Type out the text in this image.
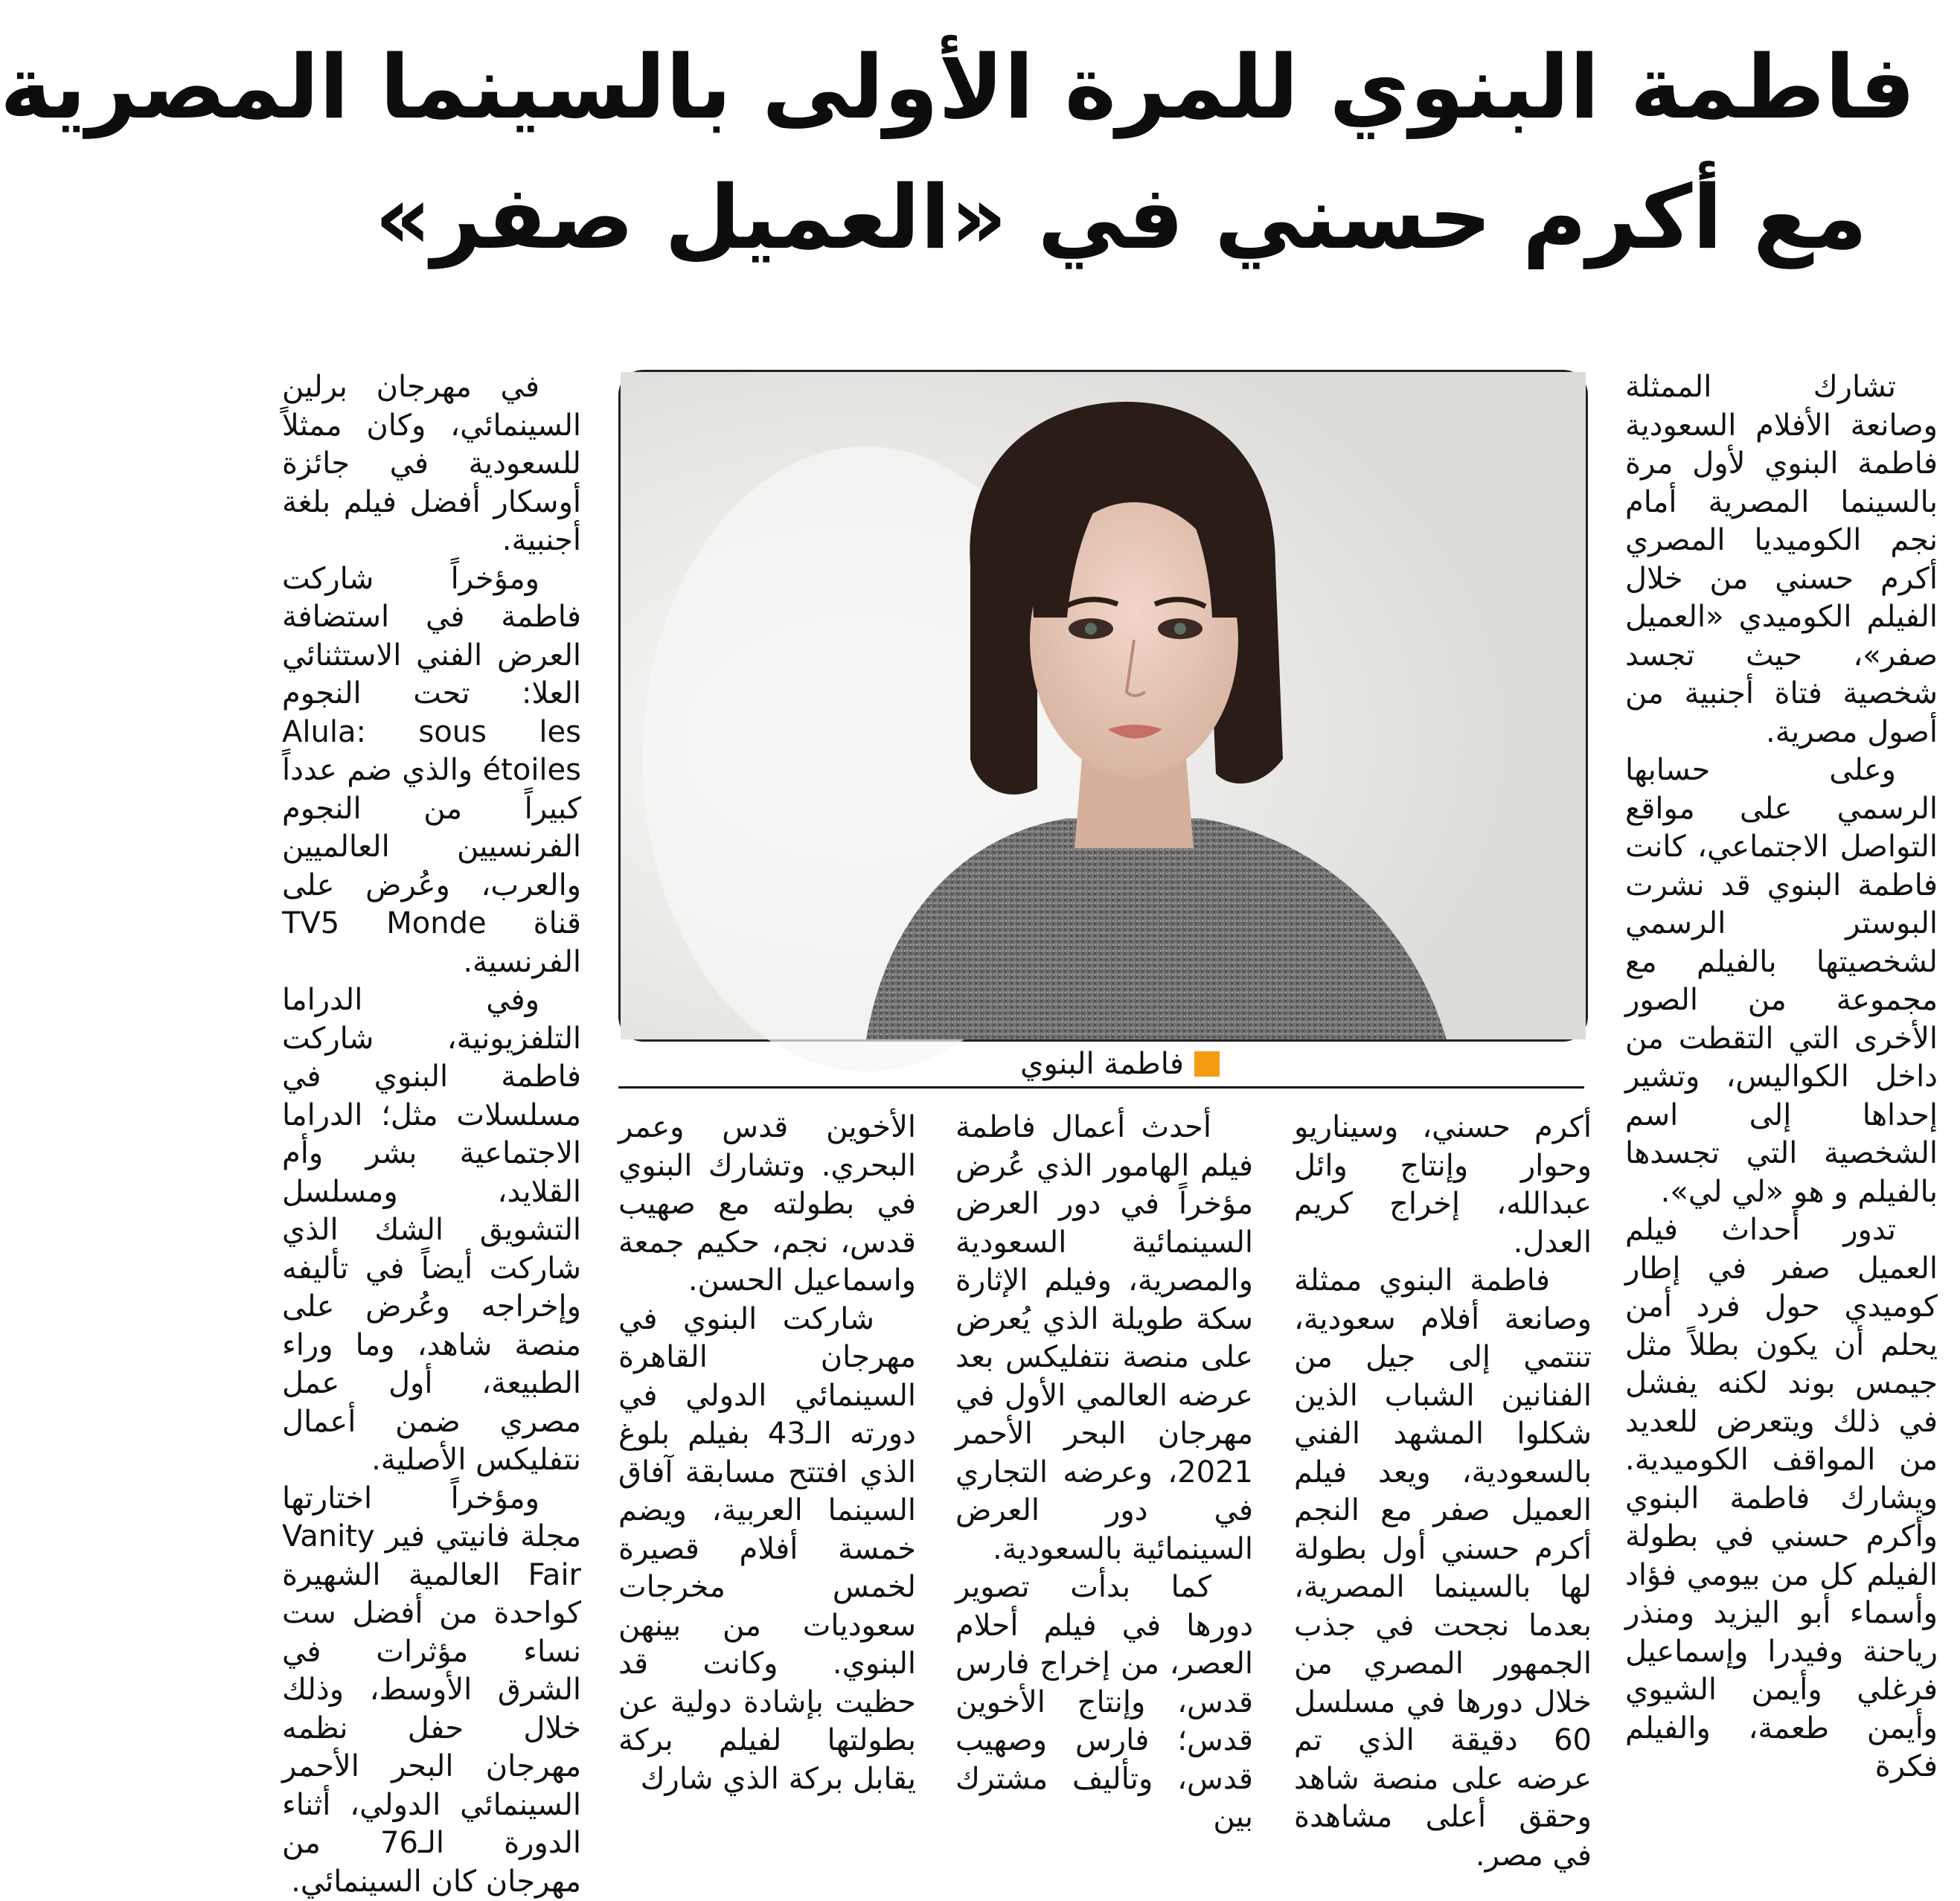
فاطمة البنوي للمرة الأولى بالسينما المصرية
مع أكرم حسني في «العميل صفر»

تشارك الممثلة وصانعة الأفلام السعودية فاطمة البنوي لأول مرة بالسينما المصرية أمام نجم الكوميديا المصري أكرم حسني من خلال الفيلم الكوميدي «العميل صفر»، حيث تجسد شخصية فتاة أجنبية من أصول مصرية.

وعلى حسابها الرسمي على مواقع التواصل الاجتماعي، كانت فاطمة البنوي قد نشرت البوستر الرسمي لشخصيتها بالفيلم مع مجموعة من الصور الأخرى التي التقطت من داخل الكواليس، وتشير إحداها إلى اسم الشخصية التي تجسدها بالفيلم و هو «لي لي».

تدور أحداث فيلم العميل صفر في إطار كوميدي حول فرد أمن يحلم أن يكون بطلاً مثل جيمس بوند لكنه يفشل في ذلك ويتعرض للعديد من المواقف الكوميدية. ويشارك فاطمة البنوي وأكرم حسني في بطولة الفيلم كل من بيومي فؤاد وأسماء أبو اليزيد ومنذر رياحنة وفيدرا وإسماعيل فرغلي وأيمن الشيوي وأيمن طعمة، والفيلم فكرة

في مهرجان برلين السينمائي، وكان ممثلاً للسعودية في جائزة أوسكار أفضل فيلم بلغة أجنبية.

ومؤخراً شاركت فاطمة في استضافة العرض الفني الاستثنائي العلا: تحت النجوم Alula: sous les étoiles والذي ضم عدداً كبيراً من النجوم الفرنسيين العالميين والعرب، وعُرض على قناة TV5 Monde الفرنسية.

وفي الدراما التلفزيونية، شاركت فاطمة البنوي في مسلسلات مثل؛ الدراما الاجتماعية بشر وأم القلايد، ومسلسل التشويق الشك الذي شاركت أيضاً في تأليفه وإخراجه وعُرض على منصة شاهد، وما وراء الطبيعة، أول عمل مصري ضمن أعمال نتفليكس الأصلية.

ومؤخراً اختارتها مجلة فانيتي فير Vanity Fair العالمية الشهيرة كواحدة من أفضل ست نساء مؤثرات في الشرق الأوسط، وذلك خلال حفل نظمه مهرجان البحر الأحمر السينمائي الدولي، أثناء الدورة الـ76 من مهرجان كان السينمائي.

فاطمة البنوي

أكرم حسني، وسيناريو وحوار وإنتاج وائل عبدالله، إخراج كريم العدل.

فاطمة البنوي ممثلة وصانعة أفلام سعودية، تنتمي إلى جيل من الفنانين الشباب الذين شكلوا المشهد الفني بالسعودية، ويعد فيلم العميل صفر مع النجم أكرم حسني أول بطولة لها بالسينما المصرية، بعدما نجحت في جذب الجمهور المصري من خلال دورها في مسلسل 60 دقيقة الذي تم عرضه على منصة شاهد وحقق أعلى مشاهدة في مصر.

أحدث أعمال فاطمة فيلم الهامور الذي عُرض مؤخراً في دور العرض السينمائية السعودية والمصرية، وفيلم الإثارة سكة طويلة الذي يُعرض على منصة نتفليكس بعد عرضه العالمي الأول في مهرجان البحر الأحمر 2021، وعرضه التجاري في دور العرض السينمائية بالسعودية.

كما بدأت تصوير دورها في فيلم أحلام العصر، من إخراج فارس قدس، وإنتاج الأخوين قدس؛ فارس وصهيب قدس، وتأليف مشترك بين

الأخوين قدس وعمر البحري. وتشارك البنوي في بطولته مع صهيب قدس، نجم، حكيم جمعة واسماعيل الحسن.

شاركت البنوي في مهرجان القاهرة السينمائي الدولي في دورته الـ43 بفيلم بلوغ الذي افتتح مسابقة آفاق السينما العربية، ويضم خمسة أفلام قصيرة لخمس مخرجات سعوديات من بينهن البنوي. وكانت قد حظيت بإشادة دولية عن بطولتها لفيلم بركة يقابل بركة الذي شارك
